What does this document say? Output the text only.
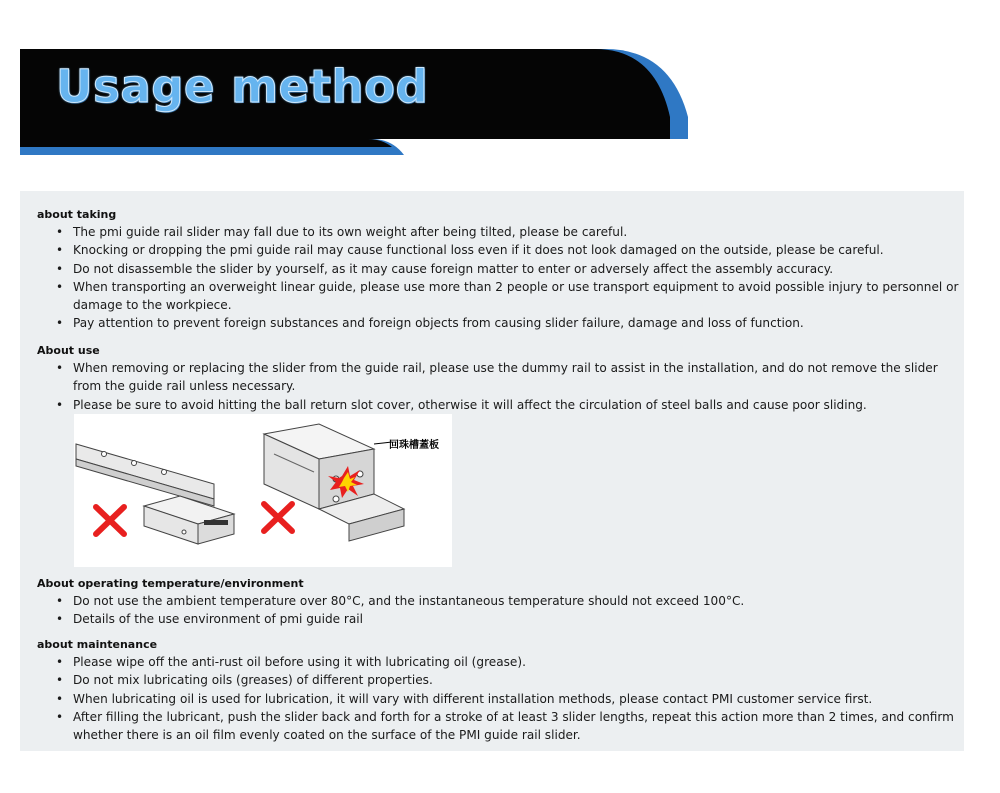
Usage method
about taking
• The pmi guide rail slider may fall due to its own weight after being tilted, please be careful.
• Knocking or dropping the pmi guide rail may cause functional loss even if it does not look damaged on the outside, please be careful.
• Do not disassemble the slider by yourself, as it may cause foreign matter to enter or adversely affect the assembly accuracy.
• When transporting an overweight linear guide, please use more than 2 people or use transport equipment to avoid possible injury to personnel or damage to the workpiece.
• Pay attention to prevent foreign substances and foreign objects from causing slider failure, damage and loss of function.
About use
• When removing or replacing the slider from the guide rail, please use the dummy rail to assist in the installation, and do not remove the slider from the guide rail unless necessary.
• Please be sure to avoid hitting the ball return slot cover, otherwise it will affect the circulation of steel balls and cause poor sliding.
回珠槽蓋板
About operating temperature/environment
• Do not use the ambient temperature over 80°C, and the instantaneous temperature should not exceed 100°C.
• Details of the use environment of pmi guide rail
about maintenance
• Please wipe off the anti-rust oil before using it with lubricating oil (grease).
• Do not mix lubricating oils (greases) of different properties.
• When lubricating oil is used for lubrication, it will vary with different installation methods, please contact PMI customer service first.
• After filling the lubricant, push the slider back and forth for a stroke of at least 3 slider lengths, repeat this action more than 2 times, and confirm whether there is an oil film evenly coated on the surface of the PMI guide rail slider.
